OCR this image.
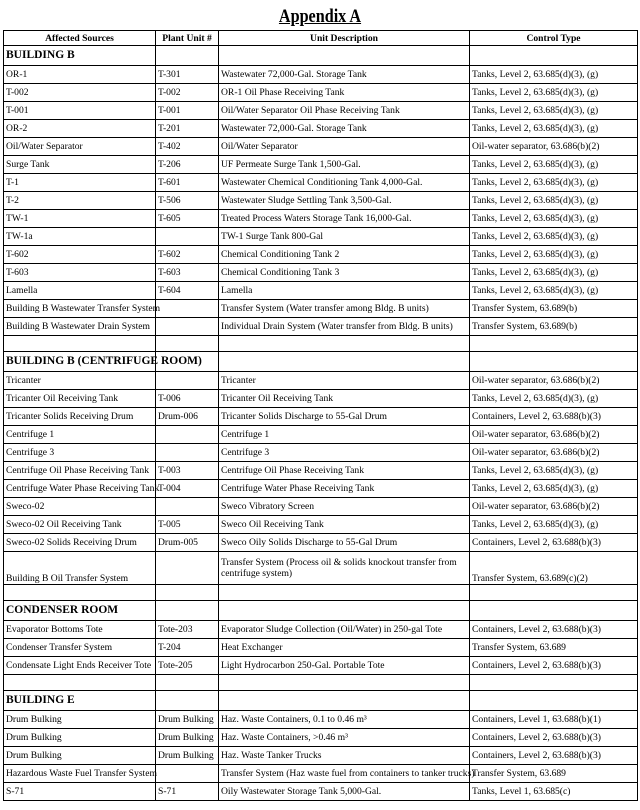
Appendix A
Affected Sources	Plant Unit #	Unit Description	Control Type
BUILDING B			
OR-1	T-301	Wastewater 72,000-Gal. Storage Tank	Tanks, Level 2, 63.685(d)(3), (g)
T-002	T-002	OR-1 Oil Phase Receiving Tank	Tanks, Level 2, 63.685(d)(3), (g)
T-001	T-001	Oil/Water Separator Oil Phase Receiving Tank	Tanks, Level 2, 63.685(d)(3), (g)
OR-2	T-201	Wastewater 72,000-Gal. Storage Tank	Tanks, Level 2, 63.685(d)(3), (g)
Oil/Water Separator	T-402	Oil/Water Separator	Oil-water separator, 63.686(b)(2)
Surge Tank	T-206	UF Permeate Surge Tank 1,500-Gal.	Tanks, Level 2, 63.685(d)(3), (g)
T-1	T-601	Wastewater Chemical Conditioning Tank 4,000-Gal.	Tanks, Level 2, 63.685(d)(3), (g)
T-2	T-506	Wastewater Sludge Settling Tank 3,500-Gal.	Tanks, Level 2, 63.685(d)(3), (g)
TW-1	T-605	Treated Process Waters Storage Tank 16,000-Gal.	Tanks, Level 2, 63.685(d)(3), (g)
TW-1a		TW-1 Surge Tank 800-Gal	Tanks, Level 2, 63.685(d)(3), (g)
T-602	T-602	Chemical Conditioning Tank 2	Tanks, Level 2, 63.685(d)(3), (g)
T-603	T-603	Chemical Conditioning Tank 3	Tanks, Level 2, 63.685(d)(3), (g)
Lamella	T-604	Lamella	Tanks, Level 2, 63.685(d)(3), (g)
Building B Wastewater Transfer System		Transfer System (Water transfer among Bldg. B units)	Transfer System, 63.689(b)
Building B Wastewater Drain System		Individual Drain System (Water transfer from Bldg. B units)	Transfer System, 63.689(b)

BUILDING B (CENTRIFUGE ROOM)			
Tricanter		Tricanter	Oil-water separator, 63.686(b)(2)
Tricanter Oil Receiving Tank	T-006	Tricanter Oil Receiving Tank	Tanks, Level 2, 63.685(d)(3), (g)
Tricanter Solids Receiving Drum	Drum-006	Tricanter Solids Discharge to 55-Gal Drum	Containers, Level 2, 63.688(b)(3)
Centrifuge 1		Centrifuge 1	Oil-water separator, 63.686(b)(2)
Centrifuge 3		Centrifuge 3	Oil-water separator, 63.686(b)(2)
Centrifuge Oil Phase Receiving Tank	T-003	Centrifuge Oil Phase Receiving Tank	Tanks, Level 2, 63.685(d)(3), (g)
Centrifuge Water Phase Receiving Tank	T-004	Centrifuge Water Phase Receiving Tank	Tanks, Level 2, 63.685(d)(3), (g)
Sweco-02		Sweco Vibratory Screen	Oil-water separator, 63.686(b)(2)
Sweco-02 Oil Receiving Tank	T-005	Sweco Oil Receiving Tank	Tanks, Level 2, 63.685(d)(3), (g)
Sweco-02 Solids Receiving Drum	Drum-005	Sweco Oily Solids Discharge to 55-Gal Drum	Containers, Level 2, 63.688(b)(3)
Building B Oil Transfer System		Transfer System (Process oil & solids knockout transfer from centrifuge system)	Transfer System, 63.689(c)(2)

CONDENSER ROOM			
Evaporator Bottoms Tote	Tote-203	Evaporator Sludge Collection (Oil/Water) in 250-gal Tote	Containers, Level 2, 63.688(b)(3)
Condenser Transfer System	T-204	Heat Exchanger	Transfer System, 63.689
Condensate Light Ends Receiver Tote	Tote-205	Light Hydrocarbon 250-Gal. Portable Tote	Containers, Level 2, 63.688(b)(3)

BUILDING E			
Drum Bulking	Drum Bulking	Haz. Waste Containers, 0.1 to 0.46 m³	Containers, Level 1, 63.688(b)(1)
Drum Bulking	Drum Bulking	Haz. Waste Containers, >0.46 m³	Containers, Level 2, 63.688(b)(3)
Drum Bulking	Drum Bulking	Haz. Waste Tanker Trucks	Containers, Level 2, 63.688(b)(3)
Hazardous Waste Fuel Transfer System		Transfer System (Haz waste fuel from containers to tanker trucks)	Transfer System, 63.689
S-71	S-71	Oily Wastewater Storage Tank 5,000-Gal.	Tanks, Level 1, 63.685(c)
